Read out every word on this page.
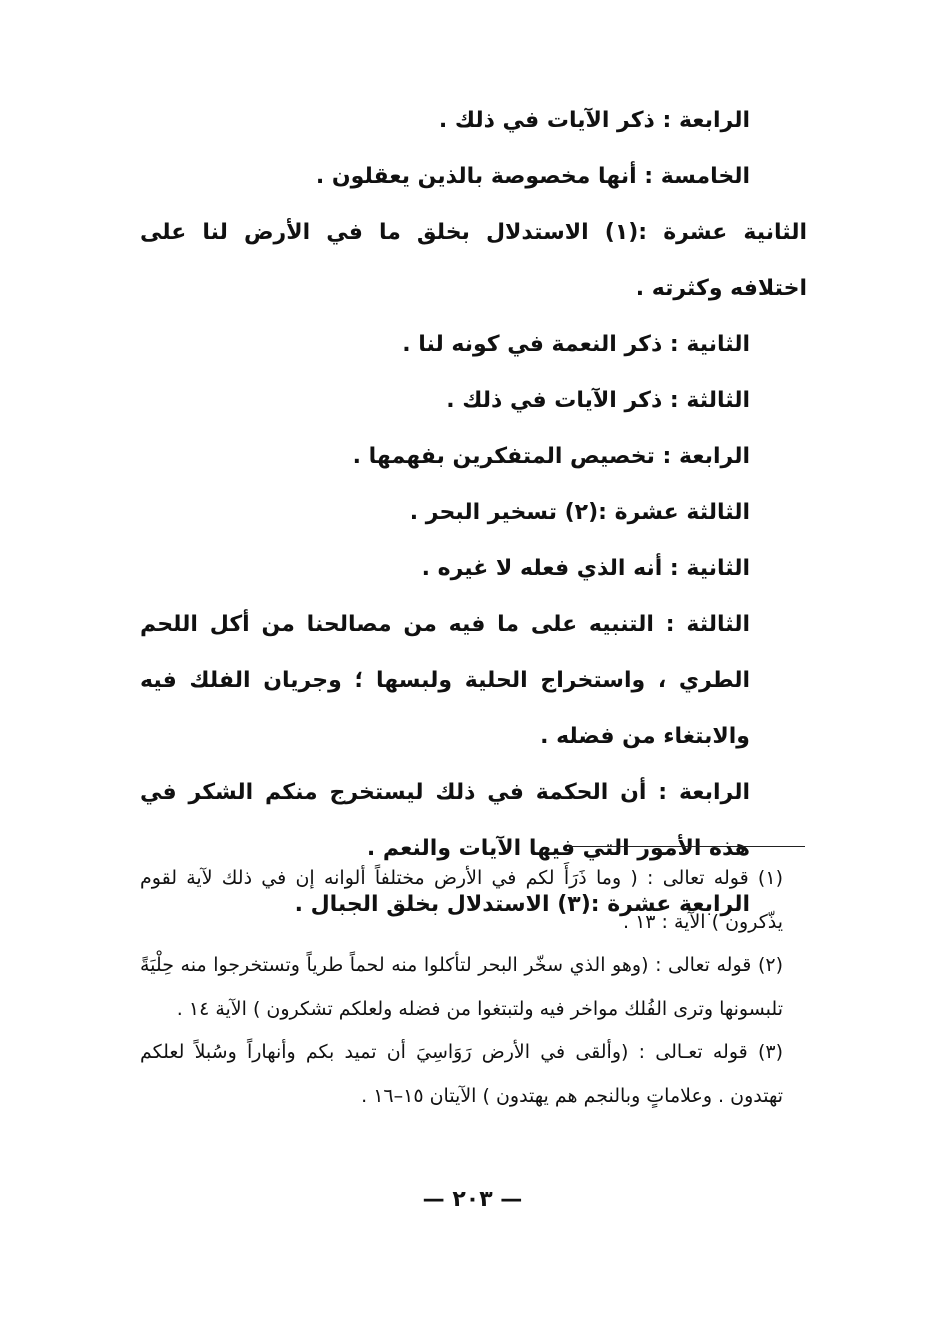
الرابعة : ذكر الآيات في ذلك .

الخامسة : أنها مخصوصة بالذين يعقلون .

الثانية عشرة :(١) الاستدلال بخلق ما في الأرض لنا على اختلافه وكثرته .

الثانية : ذكر النعمة في كونه لنا .

الثالثة : ذكر الآيات في ذلك .

الرابعة : تخصيص المتفكرين بفهمها .

الثالثة عشرة :(٢) تسخير البحر .

الثانية : أنه الذي فعله لا غيره .

الثالثة : التنبيه على ما فيه من مصالحنا من أكل اللحم الطري ، واستخراج الحلية ولبسها ؛ وجريان الفلك فيه والابتغاء من فضله .

الرابعة : أن الحكمة في ذلك ليستخرج منكم الشكر في هذه الأمور التي فيها الآيات والنعم .

الرابعة عشرة :(٣) الاستدلال بخلق الجبال .

(١) قوله تعالى : ( وما ذَرَأَ لكم في الأرض مختلفاً ألوانه إن في ذلك لآية لقوم يذّكرون ) الآية : ١٣ .

(٢) قوله تعالى : (وهو الذي سخّر البحر لتأكلوا منه لحماً طرياً وتستخرجوا منه حِلْيَةً تلبسونها وترى الفُلك مواخر فيه ولتبتغوا من فضله ولعلكم تشكرون ) الآية ١٤ .

(٣) قوله تعـالى : (وألقى في الأرض رَوَاسِيَ أن تميد بكم وأنهاراً وسُبلاً لعلكم تهتدون . وعلاماتٍ وبالنجم هم يهتدون ) الآيتان ١٥–١٦ .

— ٢٠٣ —
